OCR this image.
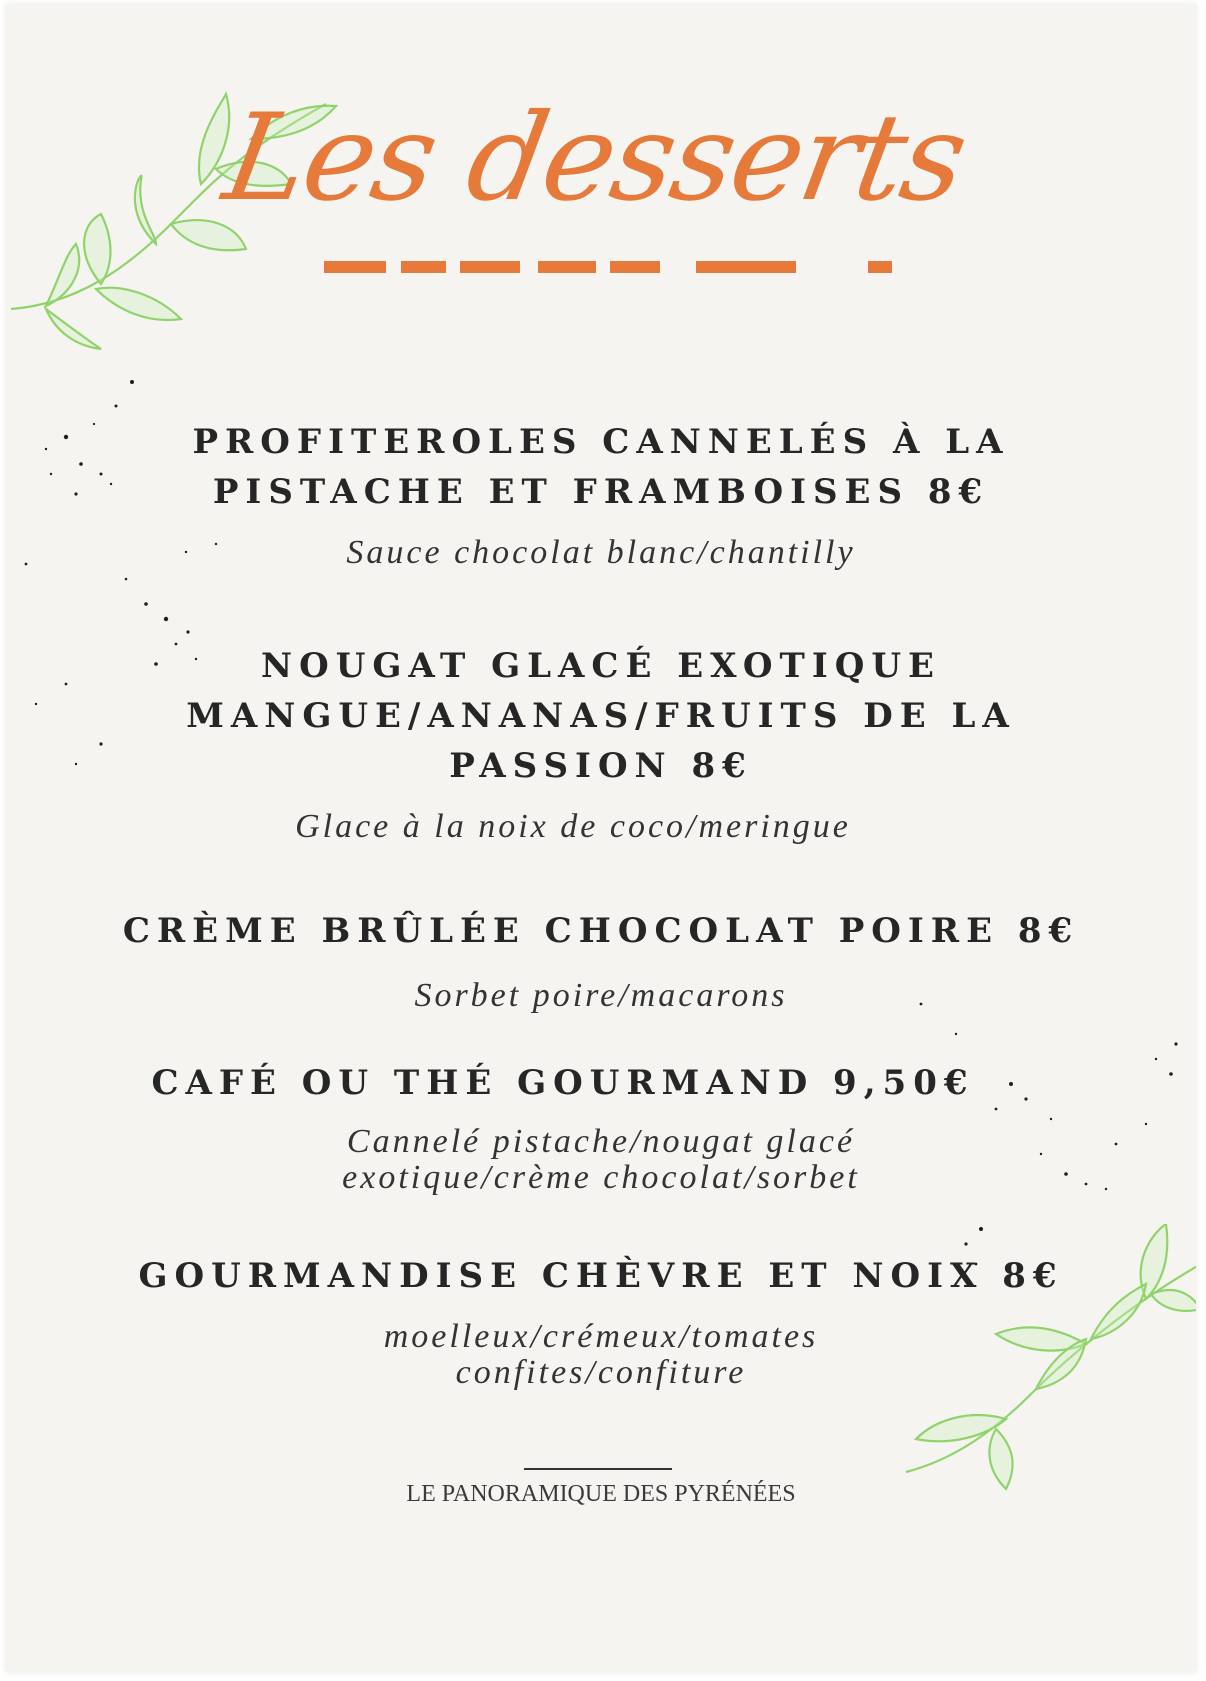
Les desserts
PROFITEROLES CANNELÉS À LA
PISTACHE ET FRAMBOISES 8€
Sauce chocolat blanc/chantilly
NOUGAT GLACÉ EXOTIQUE
MANGUE/ANANAS/FRUITS DE LA
PASSION 8€
Glace à la noix de coco/meringue
CRÈME BRÛLÉE CHOCOLAT POIRE 8€
Sorbet poire/macarons
CAFÉ OU THÉ GOURMAND 9,50€
Cannelé pistache/nougat glacé
exotique/crème chocolat/sorbet
GOURMANDISE CHÈVRE ET NOIX 8€
moelleux/crémeux/tomates
confites/confiture
LE PANORAMIQUE DES PYRÉNÉES
